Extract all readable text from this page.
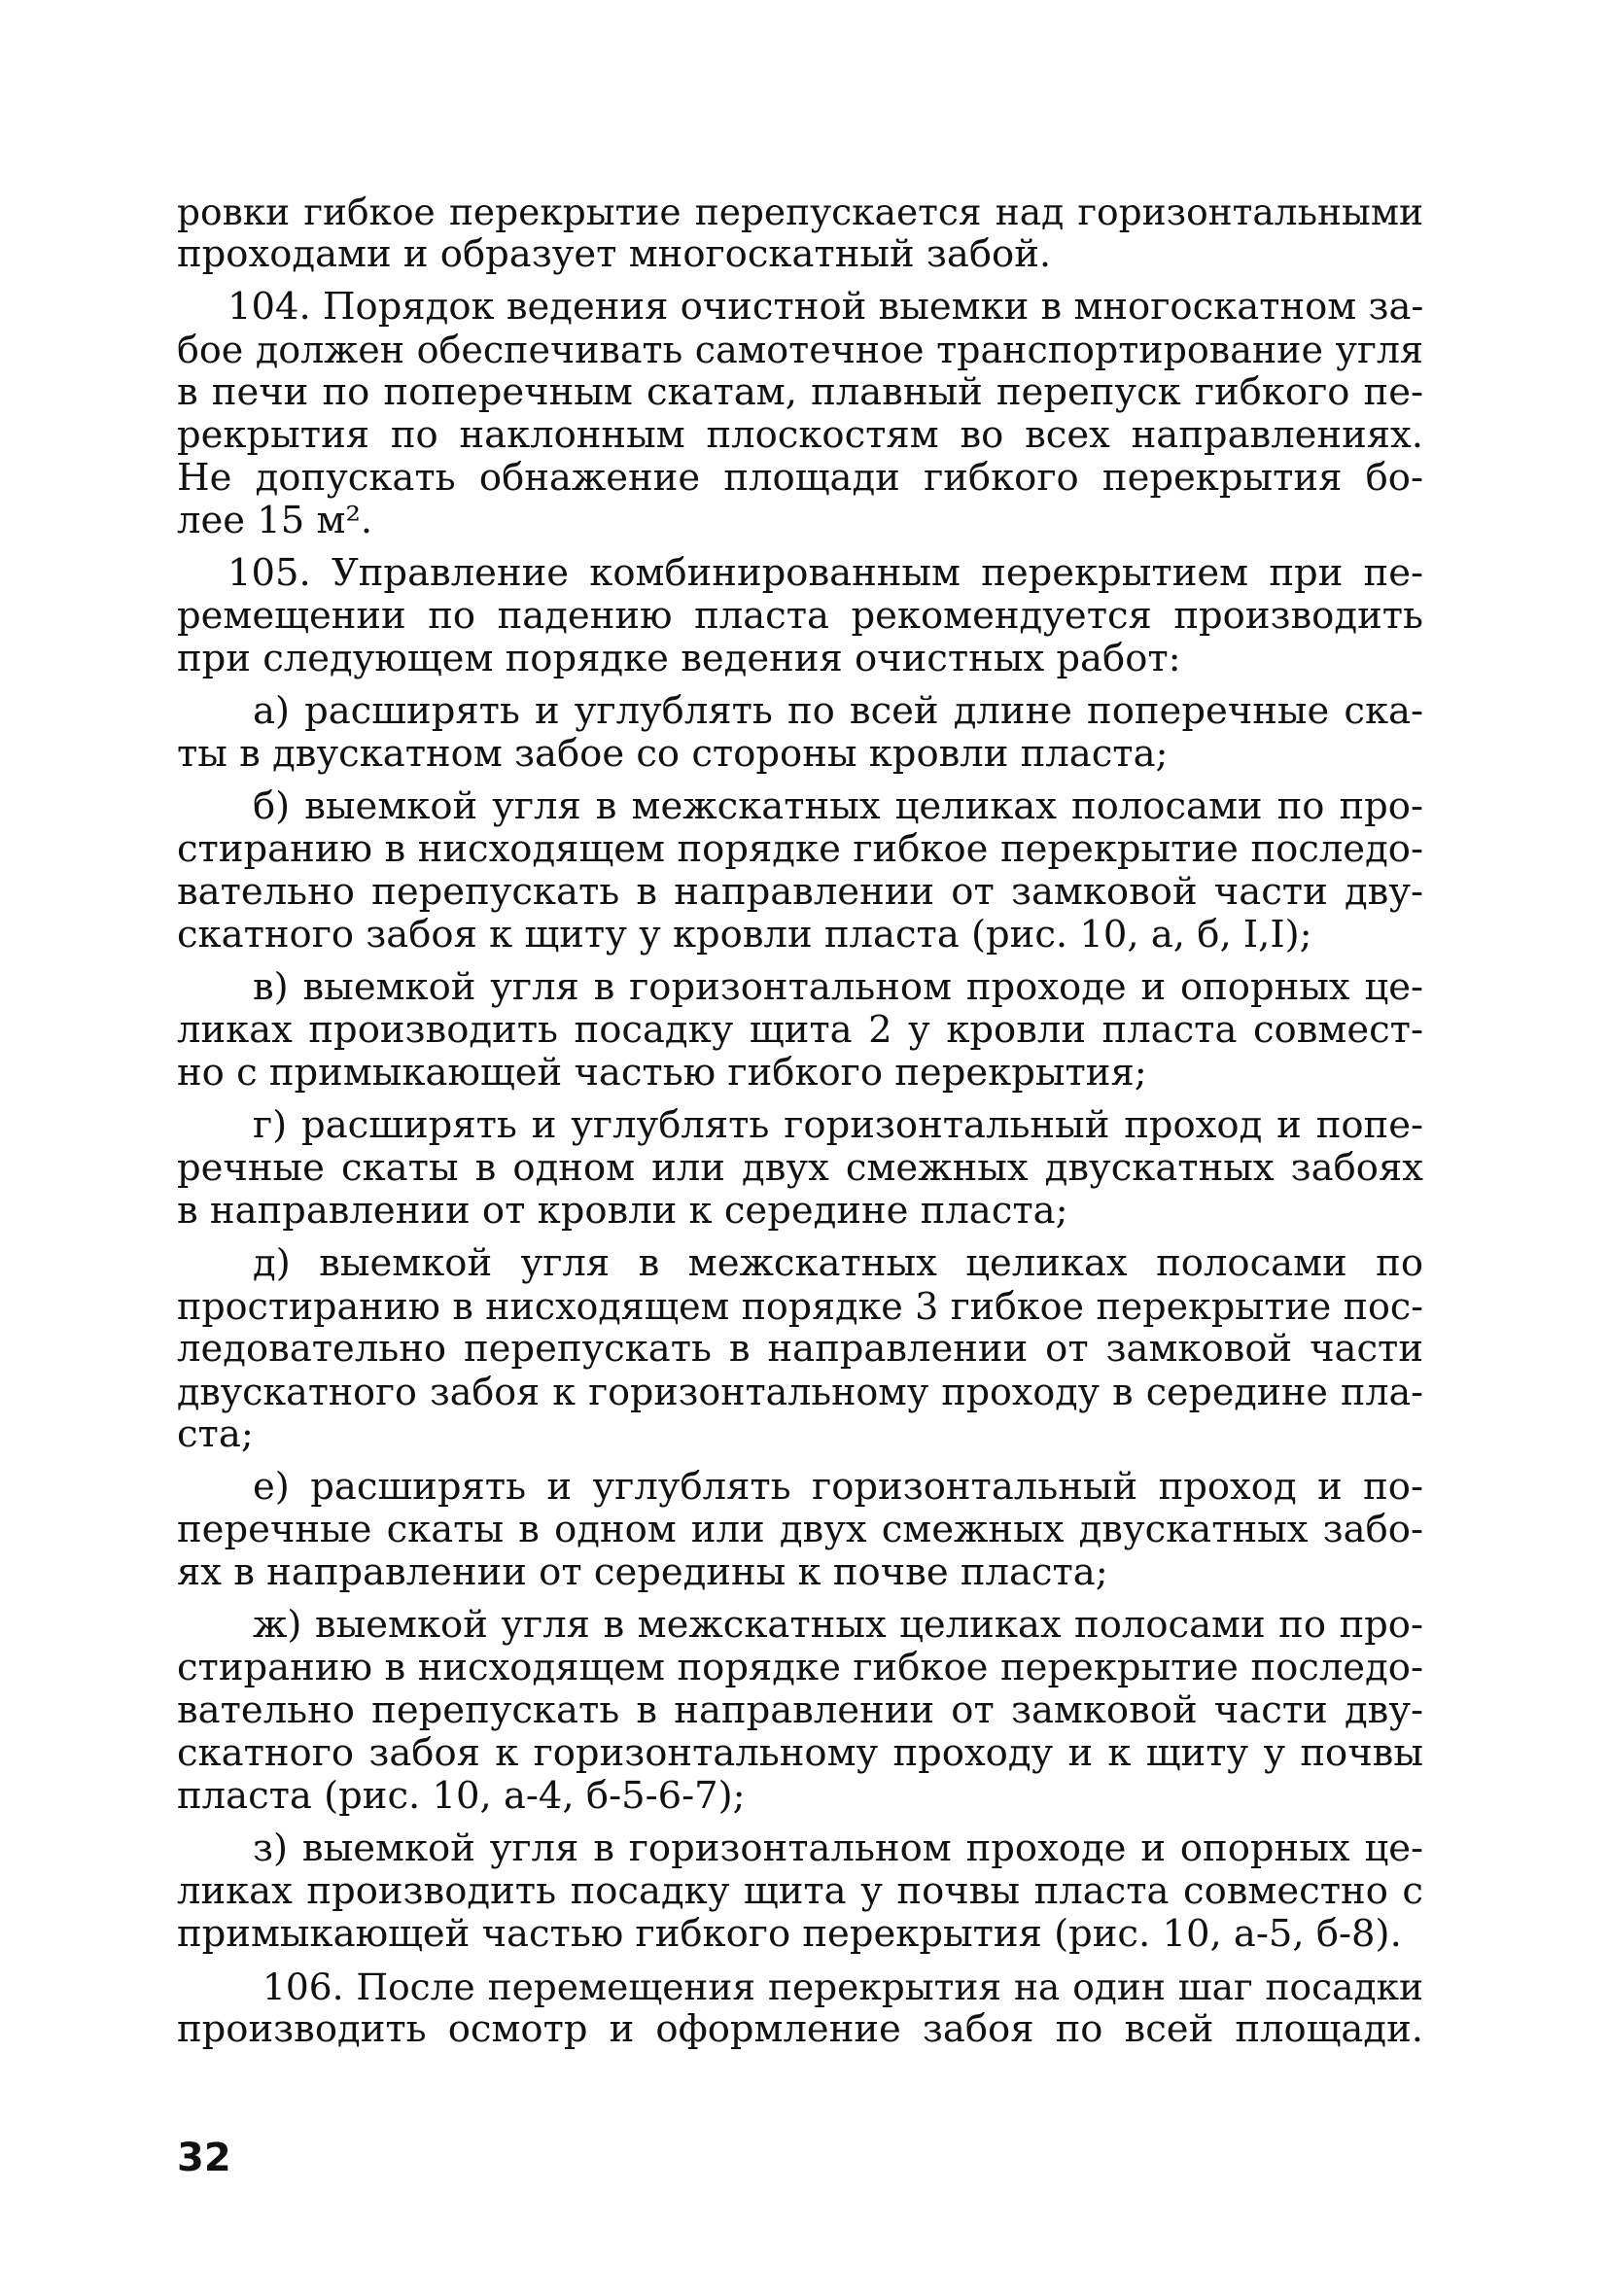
ровки гибкое перекрытие перепускается над горизонтальными
проходами и образует многоскатный забой.
104. Порядок ведения очистной выемки в многоскатном за-
бое должен обеспечивать самотечное транспортирование угля
в печи по поперечным скатам, плавный перепуск гибкого пе-
рекрытия по наклонным плоскостям во всех направлениях.
Не допускать обнажение площади гибкого перекрытия бо-
лее 15 м².
105. Управление комбинированным перекрытием при пе-
ремещении по падению пласта рекомендуется производить
при следующем порядке ведения очистных работ:
а) расширять и углублять по всей длине поперечные ска-
ты в двускатном забое со стороны кровли пласта;
б) выемкой угля в межскатных целиках полосами по про-
стиранию в нисходящем порядке гибкое перекрытие последо-
вательно перепускать в направлении от замковой части дву-
скатного забоя к щиту у кровли пласта (рис. 10, а, б, I,I);
в) выемкой угля в горизонтальном проходе и опорных це-
ликах производить посадку щита 2 у кровли пласта совмест-
но с примыкающей частью гибкого перекрытия;
г) расширять и углублять горизонтальный проход и попе-
речные скаты в одном или двух смежных двускатных забоях
в направлении от кровли к середине пласта;
д) выемкой угля в межскатных целиках полосами по
простиранию в нисходящем порядке 3 гибкое перекрытие пос-
ледовательно перепускать в направлении от замковой части
двускатного забоя к горизонтальному проходу в середине пла-
ста;
е) расширять и углублять горизонтальный проход и по-
перечные скаты в одном или двух смежных двускатных забо-
ях в направлении от середины к почве пласта;
ж) выемкой угля в межскатных целиках полосами по про-
стиранию в нисходящем порядке гибкое перекрытие последо-
вательно перепускать в направлении от замковой части дву-
скатного забоя к горизонтальному проходу и к щиту у почвы
пласта (рис. 10, а-4, б-5-6-7);
з) выемкой угля в горизонтальном проходе и опорных це-
ликах производить посадку щита у почвы пласта совместно с
примыкающей частью гибкого перекрытия (рис. 10, а-5, б-8).
106. После перемещения перекрытия на один шаг посадки
производить осмотр и оформление забоя по всей площади.
32
